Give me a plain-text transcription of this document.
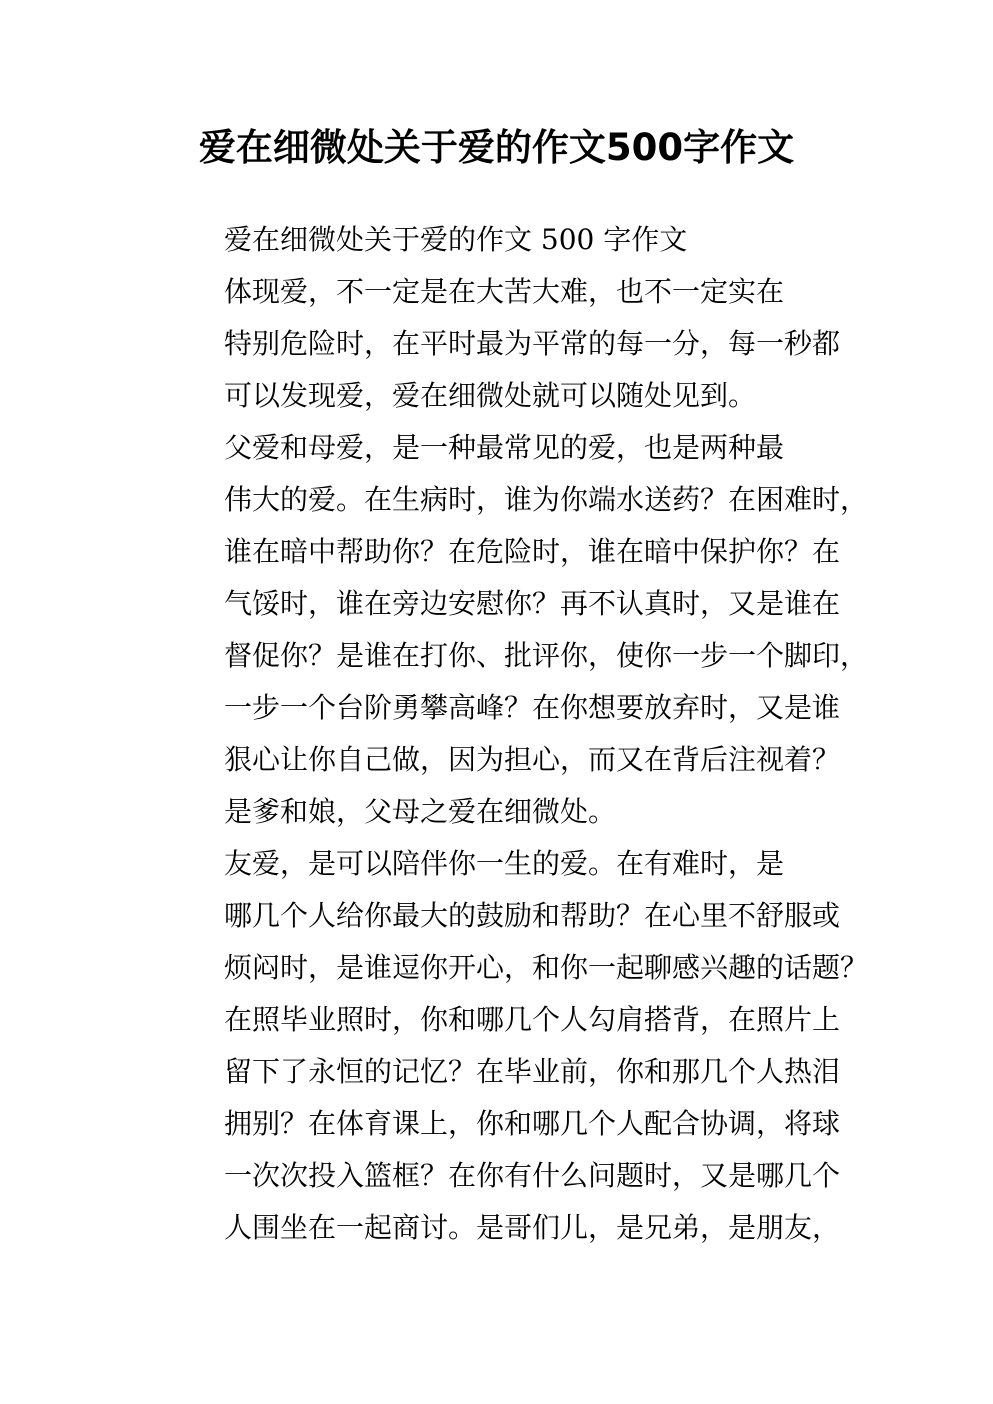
爱在细微处关于爱的作文500字作文

爱在细微处关于爱的作文 500 字作文

体现爱，不一定是在大苦大难，也不一定实在
特别危险时，在平时最为平常的每一分，每一秒都
可以发现爱，爱在细微处就可以随处见到。

父爱和母爱，是一种最常见的爱，也是两种最
伟大的爱。在生病时，谁为你端水送药？在困难时，
谁在暗中帮助你？在危险时，谁在暗中保护你？在
气馁时，谁在旁边安慰你？再不认真时，又是谁在
督促你？是谁在打你、批评你，使你一步一个脚印，
一步一个台阶勇攀高峰？在你想要放弃时，又是谁
狠心让你自己做，因为担心，而又在背后注视着？
是爹和娘，父母之爱在细微处。

友爱，是可以陪伴你一生的爱。在有难时，是
哪几个人给你最大的鼓励和帮助？在心里不舒服或
烦闷时，是谁逗你开心，和你一起聊感兴趣的话题？
在照毕业照时，你和哪几个人勾肩搭背，在照片上
留下了永恒的记忆？在毕业前，你和那几个人热泪
拥别？在体育课上，你和哪几个人配合协调，将球
一次次投入篮框？在你有什么问题时，又是哪几个
人围坐在一起商讨。是哥们儿，是兄弟，是朋友，
